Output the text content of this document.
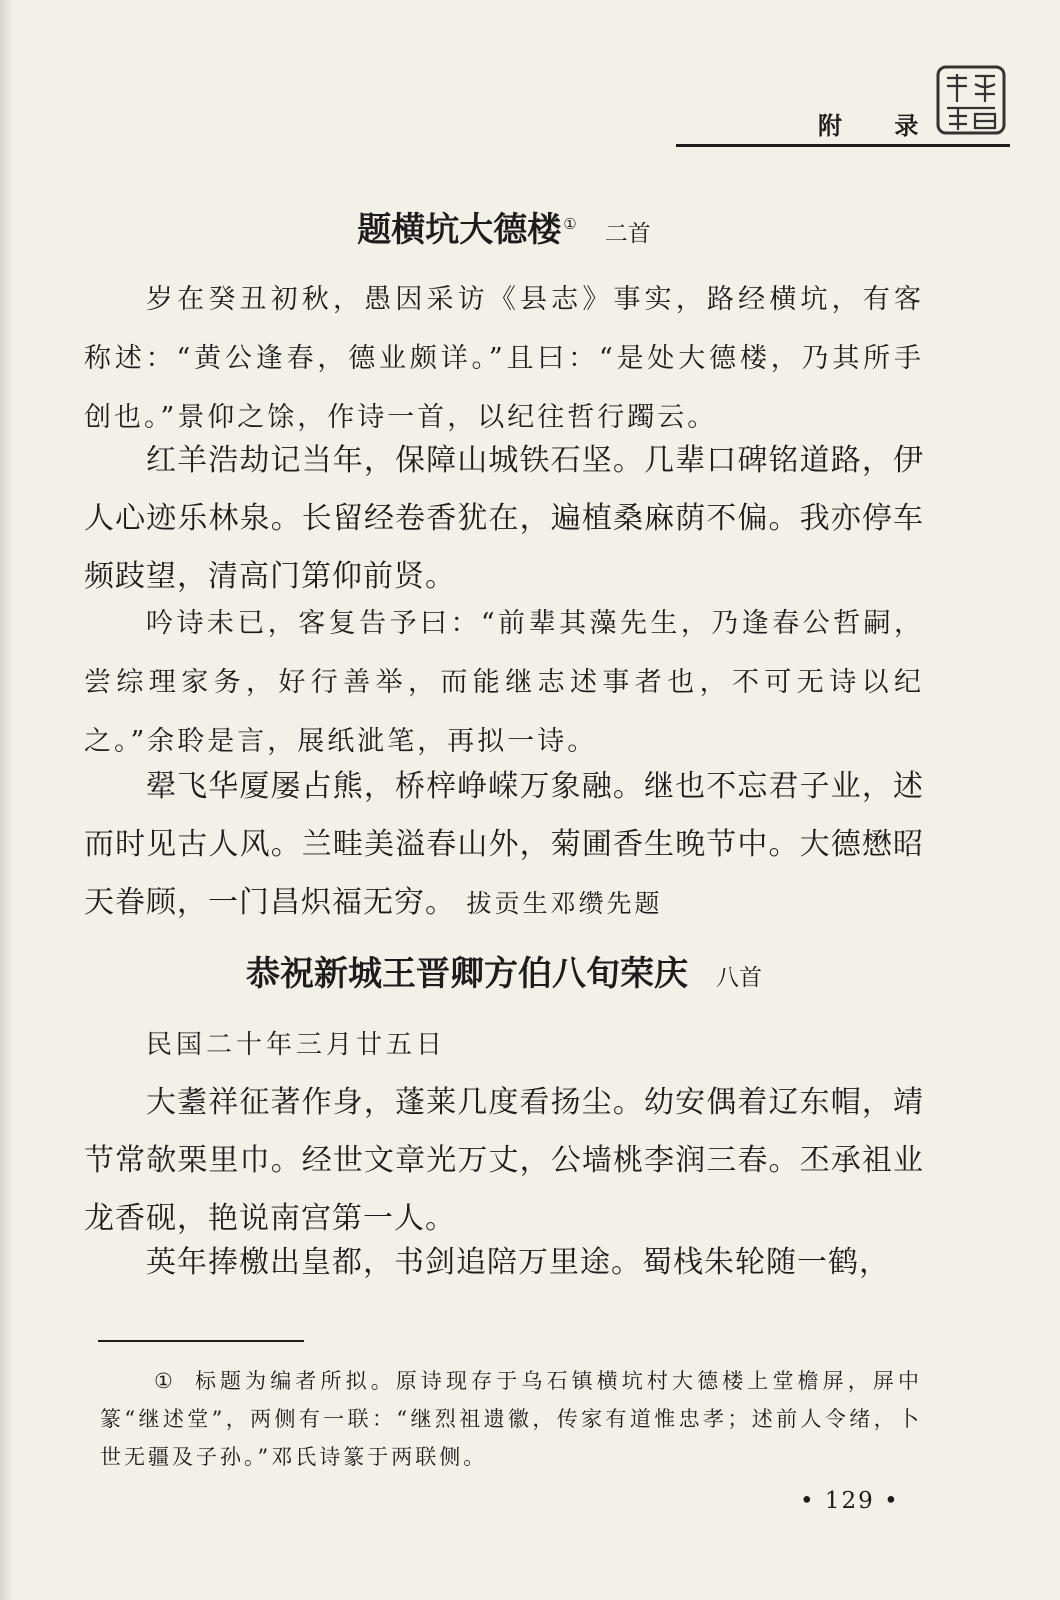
附 录
题横坑大德楼 ① 二首

岁在癸丑初秋，愚因采访《县志》事实，路经横坑，有客称述：“黄公逢春，德业颇详。”且曰：“是处大德楼，乃其所手创也。”景仰之馀，作诗一首，以纪往哲行躅云。

红羊浩劫记当年，保障山城铁石坚。几辈口碑铭道路，伊人心迹乐林泉。长留经卷香犹在，遍植桑麻荫不偏。我亦停车频跂望，清高门第仰前贤。

吟诗未已，客复告予曰：“前辈其藻先生，乃逢春公哲嗣，尝综理家务，好行善举，而能继志述事者也，不可无诗以纪之。”余聆是言，展纸泚笔，再拟一诗。

翚飞华厦屡占熊，桥梓峥嵘万象融。继也不忘君子业，述而时见古人风。兰畦美溢春山外，菊圃香生晚节中。大德懋昭天眷顾，一门昌炽福无穷。 拔贡生邓缵先题

恭祝新城王晋卿方伯八旬荣庆 八首

民国二十年三月廿五日

大耋祥征著作身，蓬莱几度看扬尘。幼安偶着辽东帽，靖节常欹栗里巾。经世文章光万丈，公墙桃李润三春。丕承祖业龙香砚，艳说南宫第一人。

英年捧檄出皇都，书剑追陪万里途。蜀栈朱轮随一鹤，

① 标题为编者所拟。原诗现存于乌石镇横坑村大德楼上堂檐屏，屏中篆“继述堂”，两侧有一联：“继烈祖遗徽，传家有道惟忠孝；述前人令绪，卜世无疆及子孙。”邓氏诗篆于两联侧。

• 129 •
